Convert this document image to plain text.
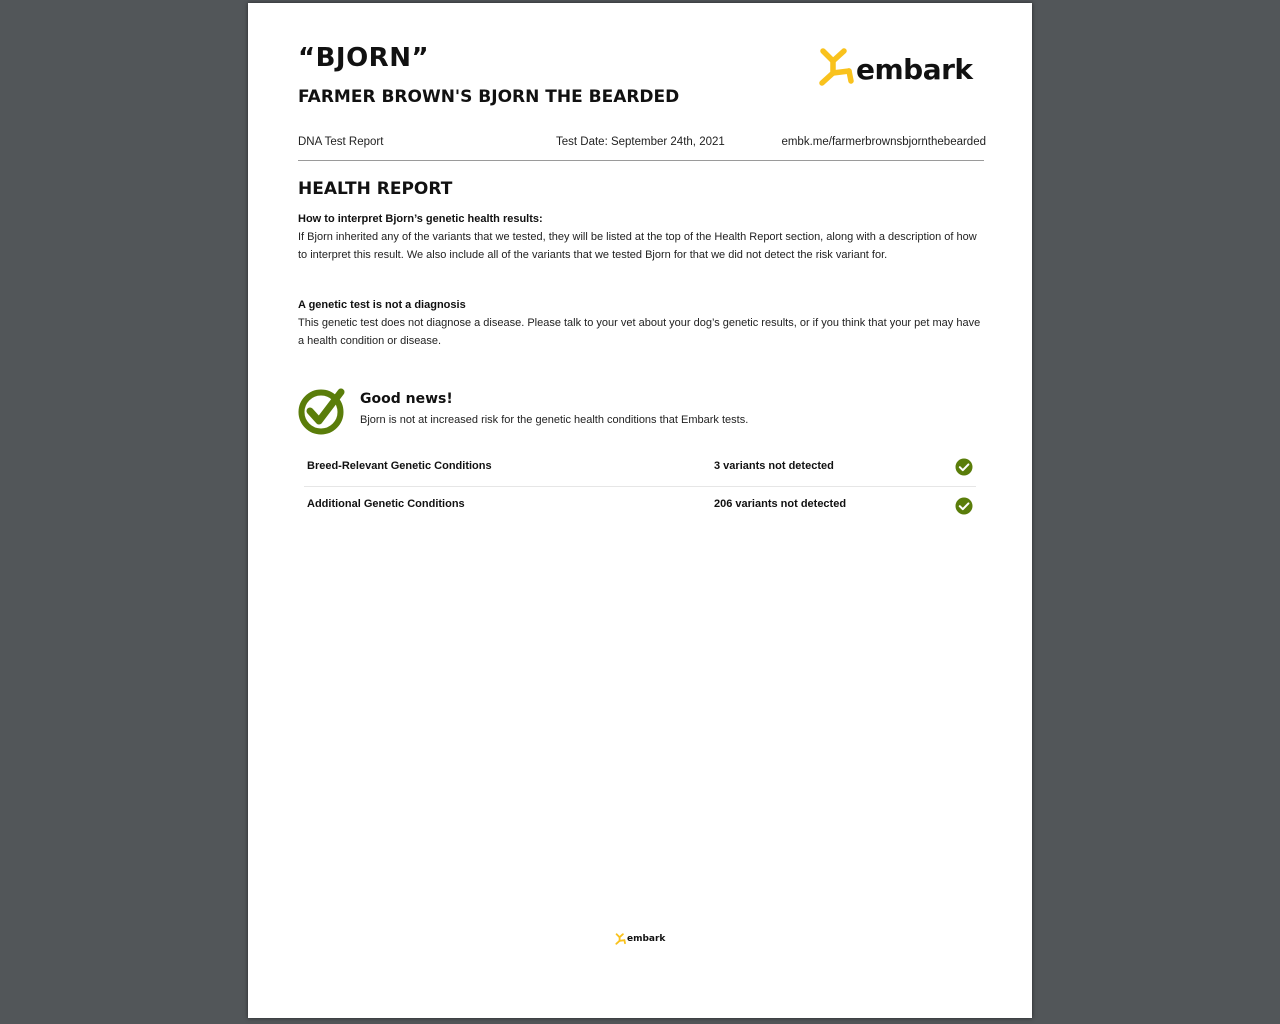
“BJORN”
FARMER BROWN'S BJORN THE BEARDED
embark
DNA Test Report	Test Date: September 24th, 2021	embk.me/farmerbrownsbjornthebearded
HEALTH REPORT
How to interpret Bjorn’s genetic health results:
If Bjorn inherited any of the variants that we tested, they will be listed at the top of the Health Report section, along with a description of how to interpret this result. We also include all of the variants that we tested Bjorn for that we did not detect the risk variant for.
A genetic test is not a diagnosis
This genetic test does not diagnose a disease. Please talk to your vet about your dog’s genetic results, or if you think that your pet may have a health condition or disease.
Good news!
Bjorn is not at increased risk for the genetic health conditions that Embark tests.
Breed-Relevant Genetic Conditions	3 variants not detected
Additional Genetic Conditions	206 variants not detected
embark
